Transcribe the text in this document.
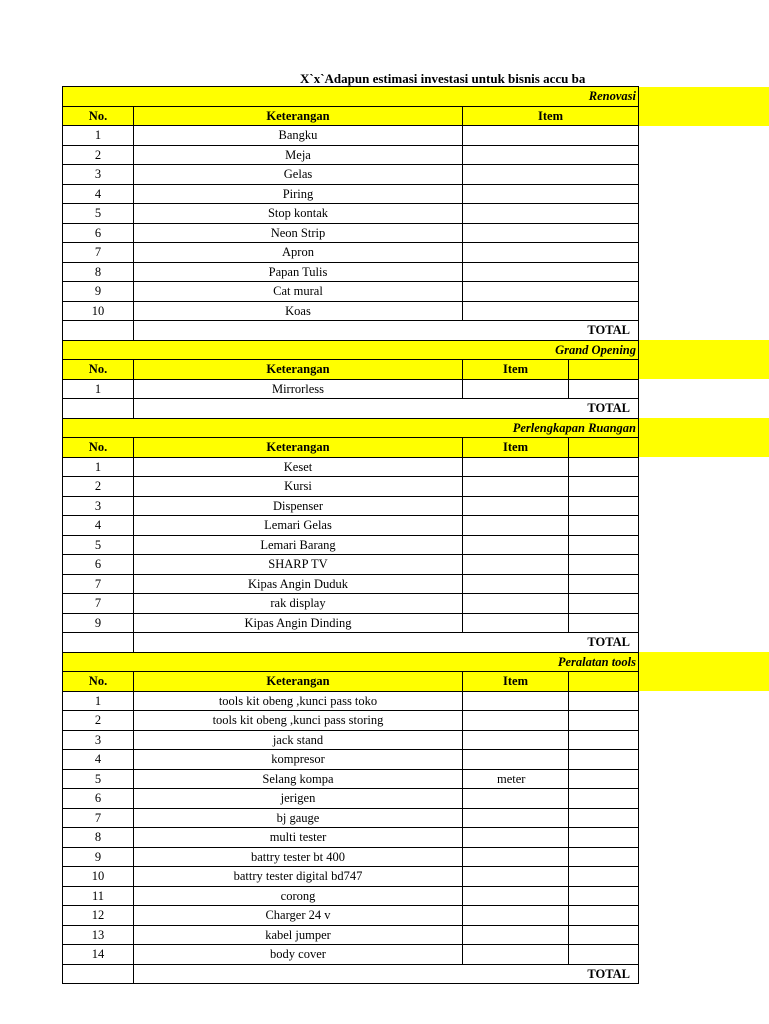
X`x`Adapun estimasi investasi untuk bisnis accu ba
		Renovasi		
No.	Keterangan	Item		
1	Bangku			
2	Meja			
3	Gelas			
4	Piring			
5	Stop kontak			
6	Neon Strip			
7	Apron			
8	Papan Tulis			
9	Cat mural			
10	Koas			
	TOTAL			
		Grand Opening		
No.	Keterangan	Item		
1	Mirrorless			
	TOTAL			
		Perlengkapan Ruangan		
No.	Keterangan	Item		
1	Keset			
2	Kursi			
3	Dispenser			
4	Lemari Gelas			
5	Lemari Barang			
6	SHARP TV			
7	Kipas Angin Duduk			
7	rak display			
9	Kipas Angin Dinding			
	TOTAL			
		Peralatan tools		
No.	Keterangan	Item		
1	tools kit obeng ,kunci pass toko			
2	tools kit obeng ,kunci pass storing			
3	jack stand			
4	kompresor			
5	Selang kompa	meter		
6	jerigen			
7	bj gauge			
8	multi tester			
9	battry tester bt 400			
10	battry tester digital bd747			
11	corong			
12	Charger 24 v			
13	kabel jumper			
14	body cover			
	TOTAL			
